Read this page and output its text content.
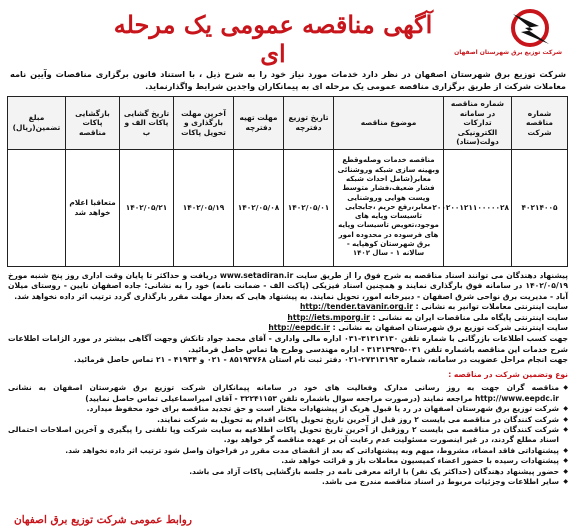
شرکت توزیع برق شهرستان اصفهان
آگهی مناقصه عمومی یک مرحله ای
شرکت توزیع برق شهرستان اصفهان در نظر دارد خدمات مورد نیاز خود را به شرح ذیل ، با استناد قانون برگزاری مناقصات وآیین نامه معاملات شرکت از طریق برگزاری مناقصه عمومی یک مرحله ای به پیمانکاران واجدین شرایط واگذارنماید.
شماره مناقصه شرکت	شماره مناقصه در سامانه تدارکات الکترونیکی دولت(ستاد)	موضوع مناقصه	تاریخ توزیع دفترچه	مهلت تهیه دفترچه	آخرین مهلت بارگذاری و تحویل پاکات	تاریخ گشایی پاکات الف و ب	بازگشایی پاکات مناقصه	مبلغ تضمین(ریال)
۴۰۲۱۴۰۰۵	۲۰۰۲۰۰۱۲۱۱۰۰۰۰۰۲۸	مناقصه خدمات وصله‌وقطع وبهینه سازی شبکه وروشنائی معابر(شامل احداث شبکه فشار ضعیف،فشار متوسط وپست هوایی وروشنایی معابر،رفع حریم ،جابجایی تاسیسات وپایه های موجود،تعویض تاسیسات وپایه های فرسوده در محدوده امور برق شهرستان کوهپایه - سالانه ۱ - سال ۱۴۰۲	۱۴۰۲/۰۵/۰۱	۱۴۰۲/۰۵/۰۸	۱۴۰۲/۰۵/۱۹	۱۴۰۲/۰۵/۲۱	متعاقبا اعلام خواهد شد	

پیشنهاد دهندگان می توانند اسناد مناقصه به شرح فوق را از طریق سایت www.setadiran.ir دریافت و حداکثر تا پایان وقت اداری روز پنج شنبه مورخ ۱۴۰۲/۰۵/۱۹ در سامانه فوق بارگذاری نمایند و همچنین اسناد فیزیکی (پاکت الف - ضمانت نامه) خود را به نشانی: جاده اصفهان نایین - روستای میلان آباد - مدیریت برق نواحی شرق اصفهان - دبیرخانه امور، تحویل نمایند. به پیشنهاد هایی که بعداز مهلت مقرر بارگذاری گردد ترتیب اثر داده نخواهد شد.

سایت اینترنتی معاملات توانیر به نشانی : http://tender.tavanir.org.ir

سایت اینترنتی پایگاه ملی مناقصات ایران به نشانی : http://iets.mporg.ir

سایت اینترنتی شرکت توزیع برق شهرستان اصفهان به نشانی : http://eepdc.ir

جهت کسب اطلاعات بازرگانی با شماره تلفن ۳۱۳۱۳۱۳۰-۰۳۱ اداره مالی واداری - آقای محمد جواد تانکش وجهت آگاهی بیشتر در مورد الزامات اطلاعات شرح خدمات این مناقصه باشماره تلفن ۰۳۱-۳۱۳۱۳۹۳۵ - اداره مهندسی وطرح ها تماس حاصل فرمائید.

جهت انجام مراحل عضویت در سامانه، شماره ۲۷۳۱۳۱۹۳-۰۲۱ دفتر ثبت نام استان ۸۵۱۹۳۷۶۸ - ۰۲۱ و ۴۱۹۳۴ - ۲۱ تماس حاصل فرمائید.

نوع وتضمین شرکت در مناقصه :

◆ مناقصه گران جهت به روز رسانی مدارک وفعالیت های خود در سامانه پیمانکاران شرکت توزیع برق شهرستان اصفهان به نشانی http://www.eepdc.ir مراجعه نمایند (درصورت مراجعه سوال باشماره تلفن ۳۲۲۴۱۱۵۳ - آقای امیراسماعیلی تماس حاصل نمایید)
◆ شرکت توزیع برق شهرستان اصفهان در رد یا قبول هریک از پیشنهادات مختار است و حق تجدید مناقصه برای خود محفوظ میدارد.
◆ شرکت کنندگان در مناقصه می بایست ۲ روز قبل از آخرین تاریخ تحویل پاکات اقدام به تحویل به شرکت نمایند.
◆ شرکت کنندگان در مناقصه می بایست ۲ روزقبل از آخرین تاریخ تحویل پاکات اطلاعیه به سایت شرکت وپا تلفنی را پیگیری و آخرین اصلاحات احتمالی اسناد مطلع گردند، در غیر اینصورت مسئولیت عدم رعایت آن بر عهده مناقصه گر خواهد بود.
◆ پیشنهاداتی فاقد امضاء، مشروط، مبهم وبه پیشنهاداتی که بعد از انقضای مدت مقرر در فراخوان واصل شود ترتیب اثر داده نخواهد شد.
◆ پیشنهادات رسیده با حضور اعضاء کمیسیون معاملات باز و قرائت خواهد شد.
◆ حضور پیشنهاد دهندگان (حداکثر یک نفر) با ارائه معرفی نامه در جلسه بازگشایی پاکات آزاد می باشد.
◆ سایر اطلاعات وجزئیات مربوط در اسناد مناقصه مندرج می باشد.
روابط عمومی شرکت توزیع برق اصفهان
